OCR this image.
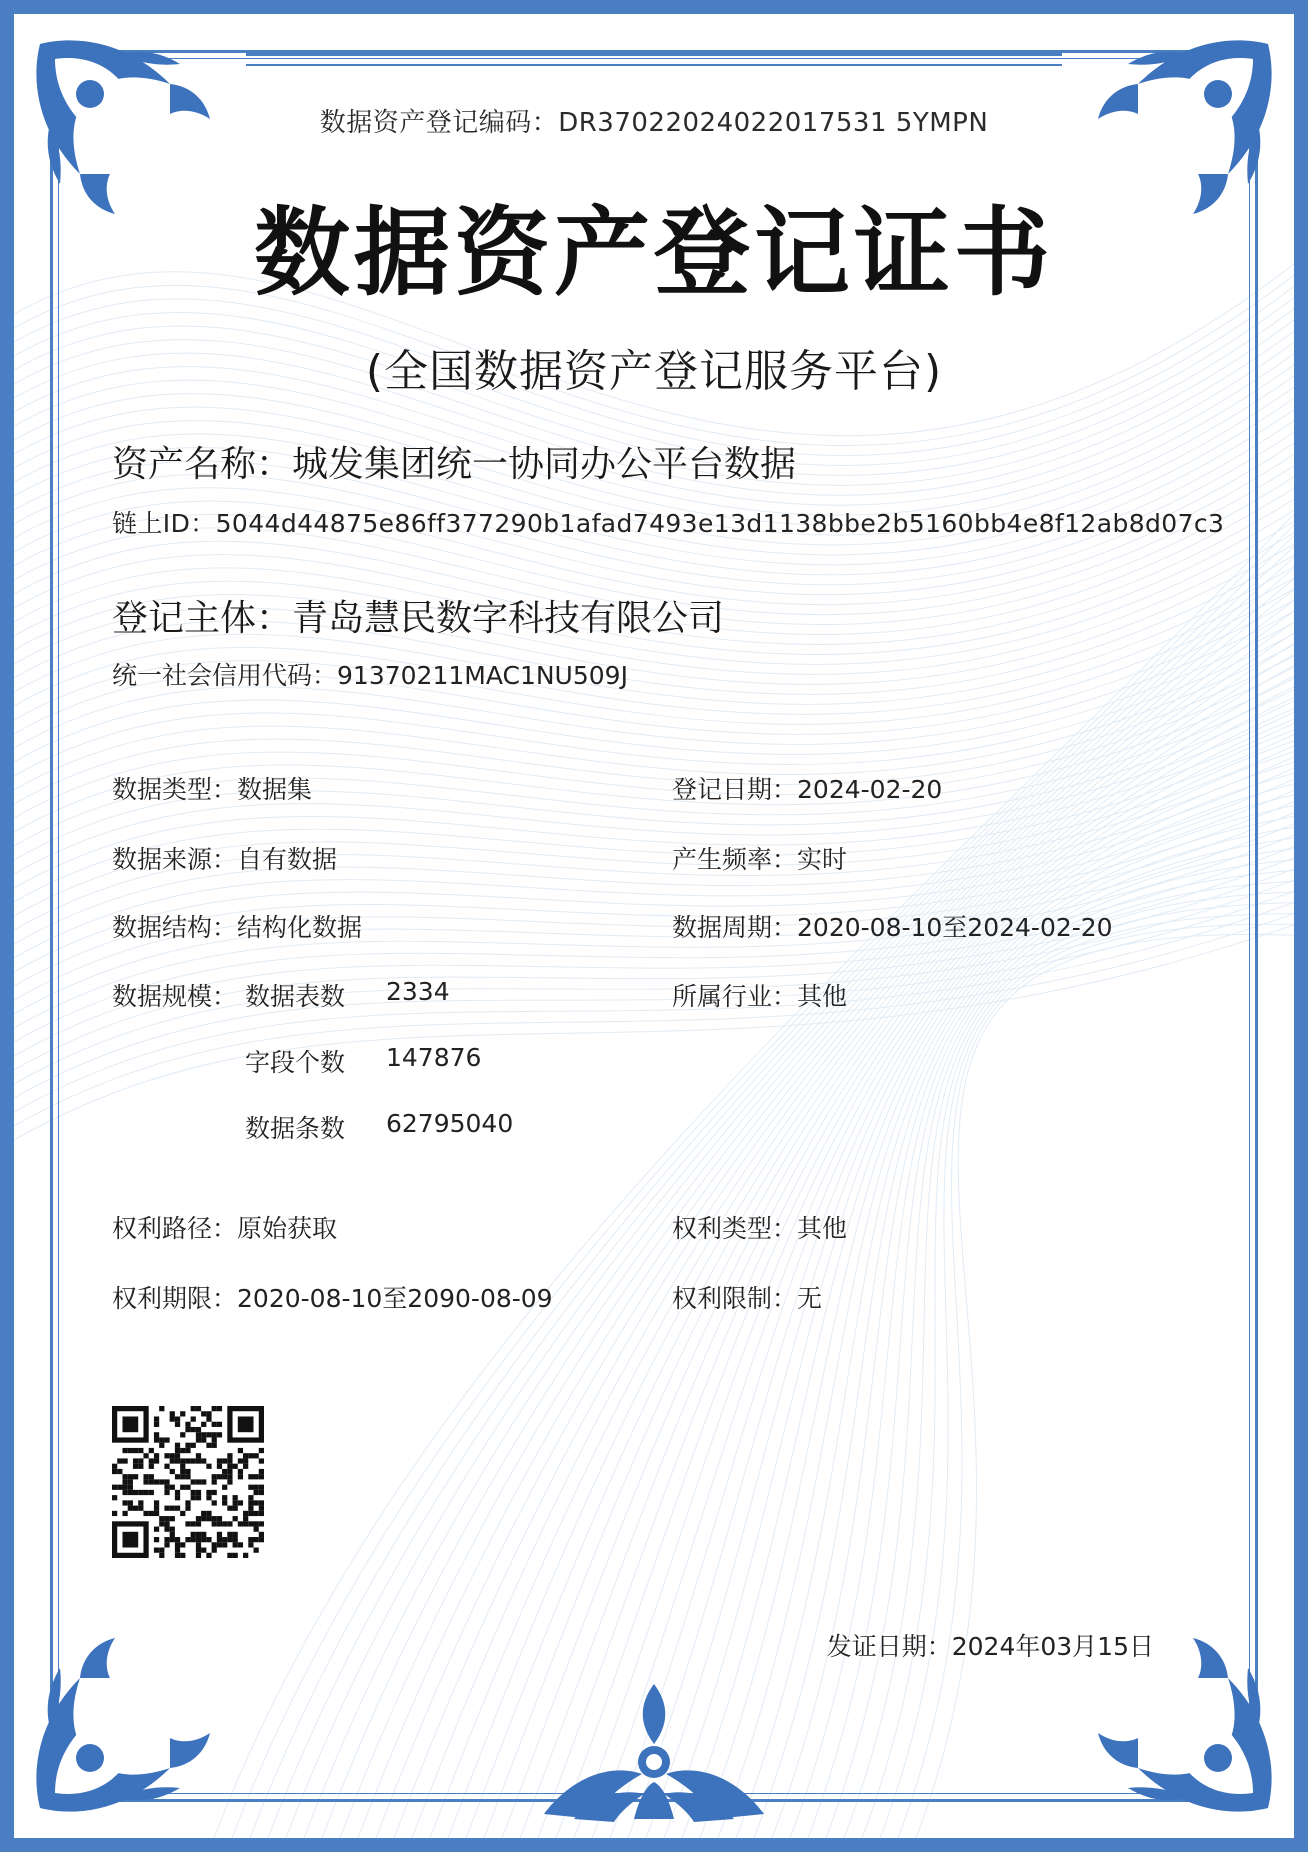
数据资产登记编码：DR37022024022017531 5YMPN
数据资产登记证书
(全国数据资产登记服务平台)
资产名称：城发集团统一协同办公平台数据
链上ID：5044d44875e86ff377290b1afad7493e13d1138bbe2b5160bb4e8f12ab8d07c3
登记主体：青岛慧民数字科技有限公司
统一社会信用代码：91370211MAC1NU509J
数据类型：数据集
数据来源：自有数据
数据结构：结构化数据
数据规模： 数据表数 2334
字段个数 147876
数据条数 62795040
登记日期：2024-02-20
产生频率：实时
数据周期：2020-08-10至2024-02-20
所属行业：其他
权利路径：原始获取
权利期限：2020-08-10至2090-08-09
权利类型：其他
权利限制：无
发证日期：2024年03月15日
